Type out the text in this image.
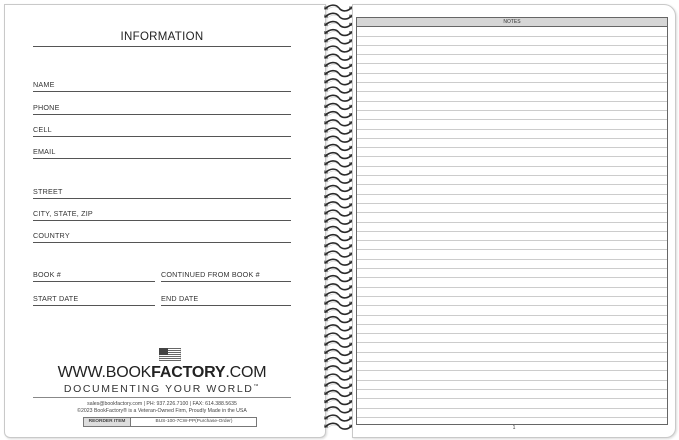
INFORMATION
NAME
PHONE
CELL
EMAIL
STREET
CITY, STATE, ZIP
COUNTRY
BOOK #	CONTINUED FROM BOOK #
START DATE	END DATE
WWW.BOOKFACTORY.COM
DOCUMENTING YOUR WORLD™
sales@bookfactory.com | PH: 937.226.7100 | FAX: 614.388.5635
©2023 BookFactory® is a Veteran-Owned Firm, Proudly Made in the USA
REORDER ITEM	BUS-100-7CW-PP(Purchase-Order)
NOTES
1
